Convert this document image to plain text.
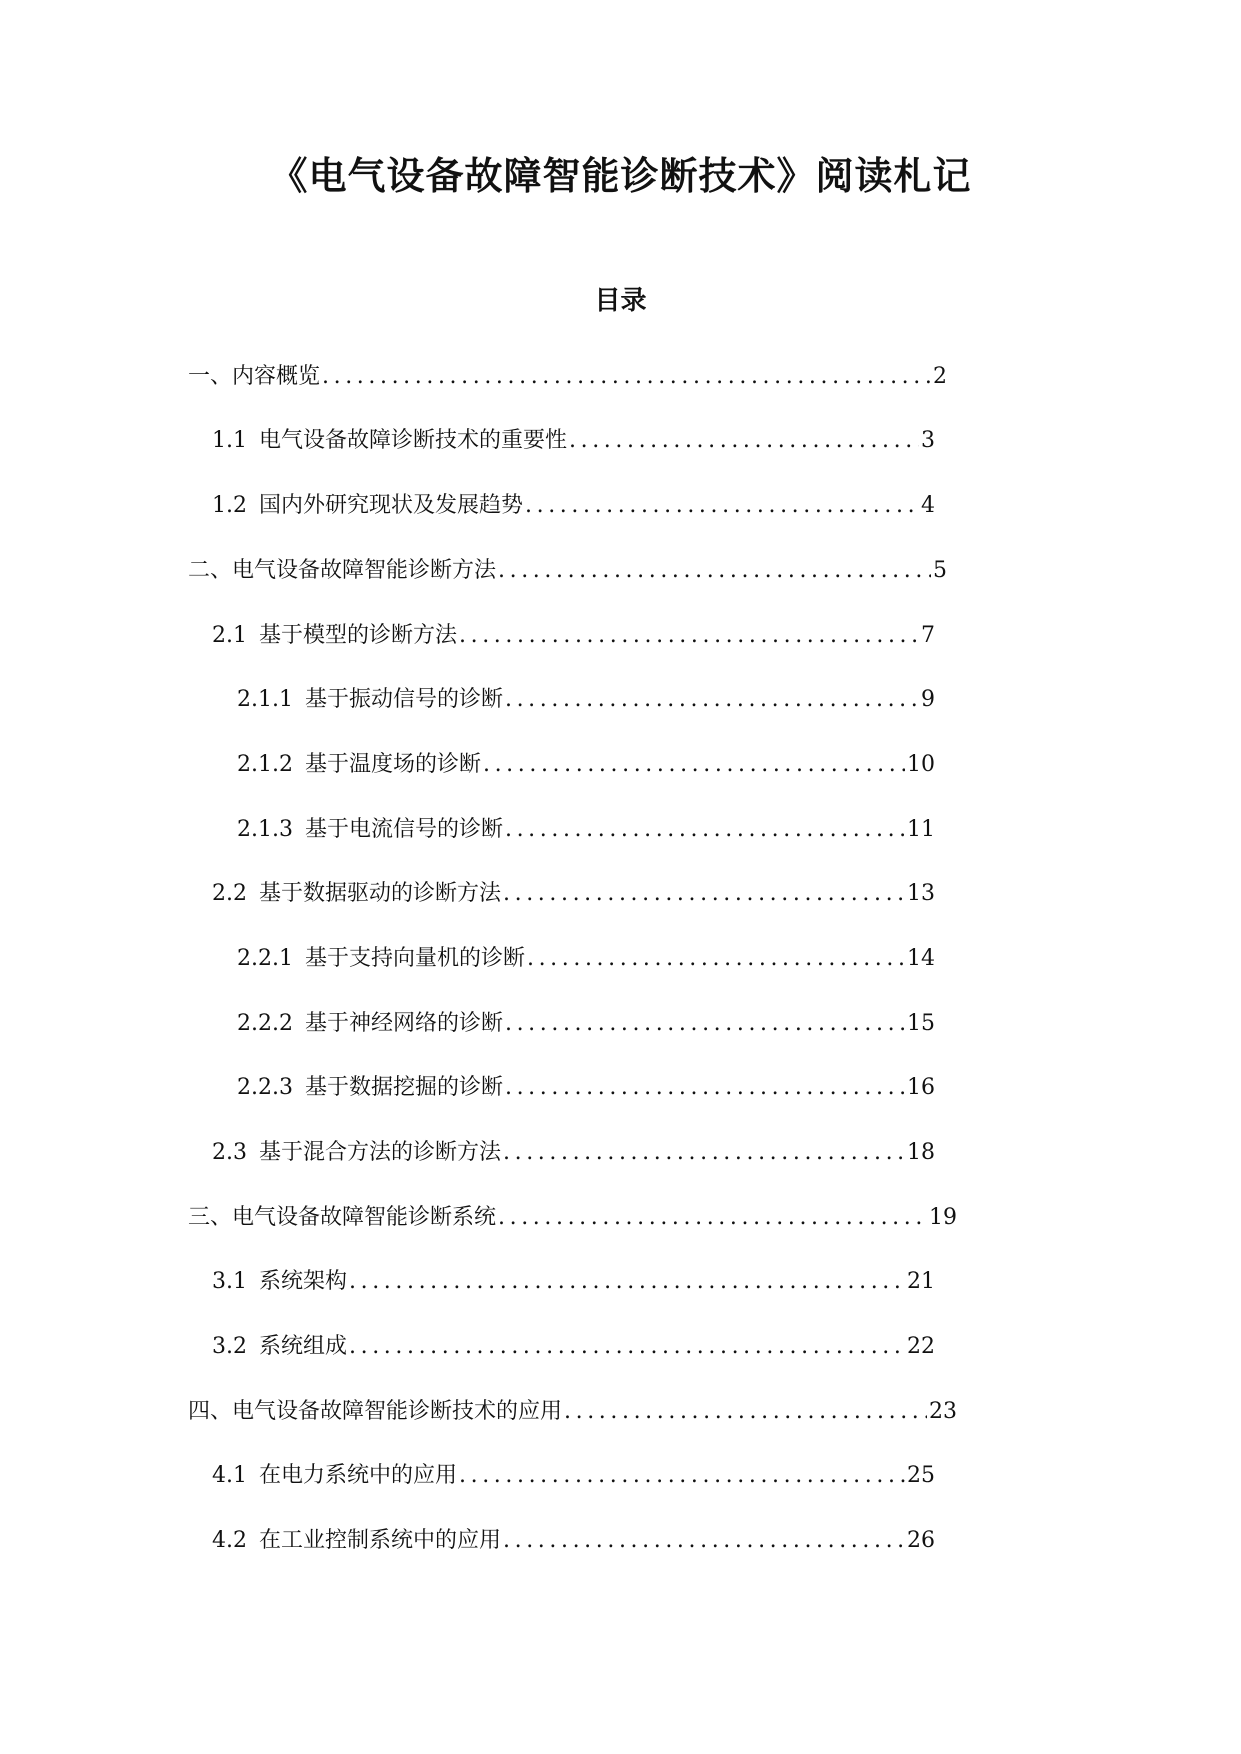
《电气设备故障智能诊断技术》阅读札记
目录
一、内容概览 .....	2
1.1 电气设备故障诊断技术的重要性 .....	3
1.2 国内外研究现状及发展趋势 .....	4
二、电气设备故障智能诊断方法 .....	5
2.1 基于模型的诊断方法 .....	7
2.1.1 基于振动信号的诊断 .....	9
2.1.2 基于温度场的诊断 .....	10
2.1.3 基于电流信号的诊断 .....	11
2.2 基于数据驱动的诊断方法 .....	13
2.2.1 基于支持向量机的诊断 .....	14
2.2.2 基于神经网络的诊断 .....	15
2.2.3 基于数据挖掘的诊断 .....	16
2.3 基于混合方法的诊断方法 .....	18
三、电气设备故障智能诊断系统 .....	19
3.1 系统架构 .....	21
3.2 系统组成 .....	22
四、电气设备故障智能诊断技术的应用 .....	23
4.1 在电力系统中的应用 .....	25
4.2 在工业控制系统中的应用 .....	26
